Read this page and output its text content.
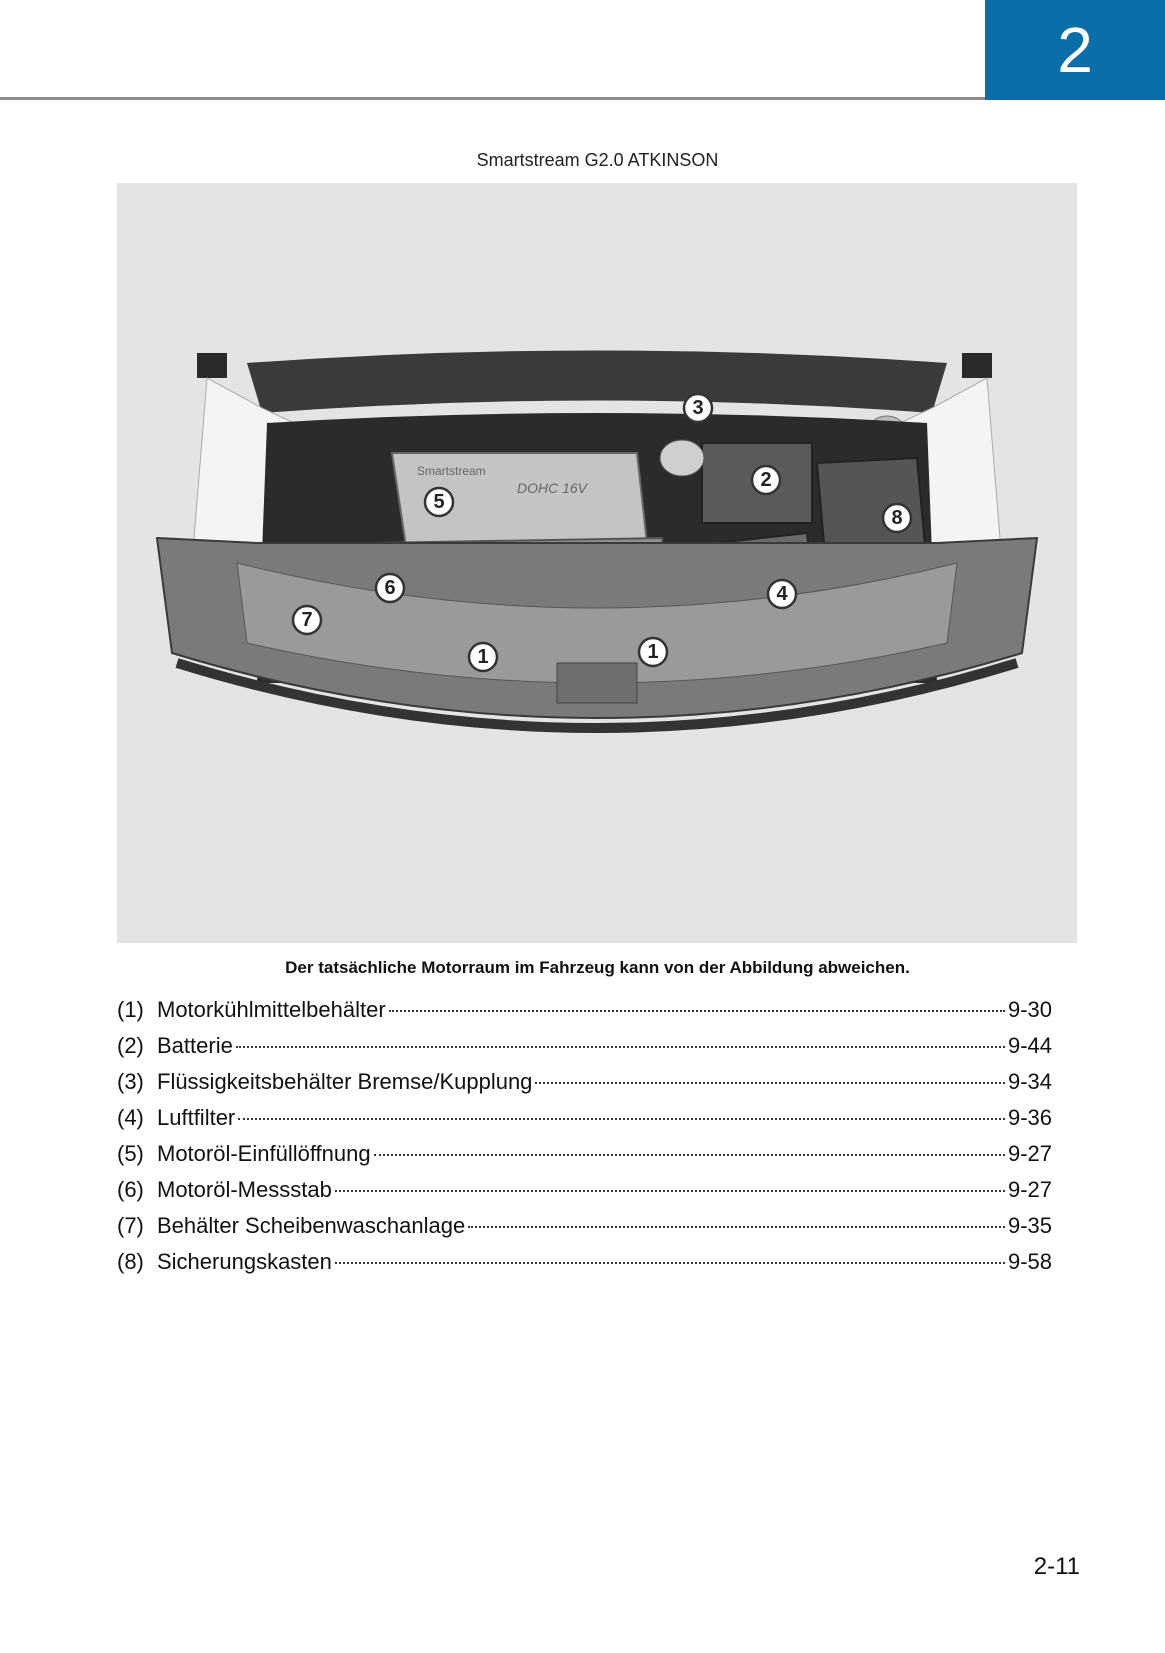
2
Smartstream G2.0 ATKINSON
Smartstream
DOHC 16V
1	1
2
3
4
5
6
7
8
Der tatsächliche Motorraum im Fahrzeug kann von der Abbildung abweichen.
(1) Motorkühlmittelbehälter	9-30
(2) Batterie	9-44
(3) Flüssigkeitsbehälter Bremse/Kupplung	9-34
(4) Luftfilter	9-36
(5) Motoröl-Einfüllöffnung	9-27
(6) Motoröl-Messstab	9-27
(7) Behälter Scheibenwaschanlage	9-35
(8) Sicherungskasten	9-58
2-11
